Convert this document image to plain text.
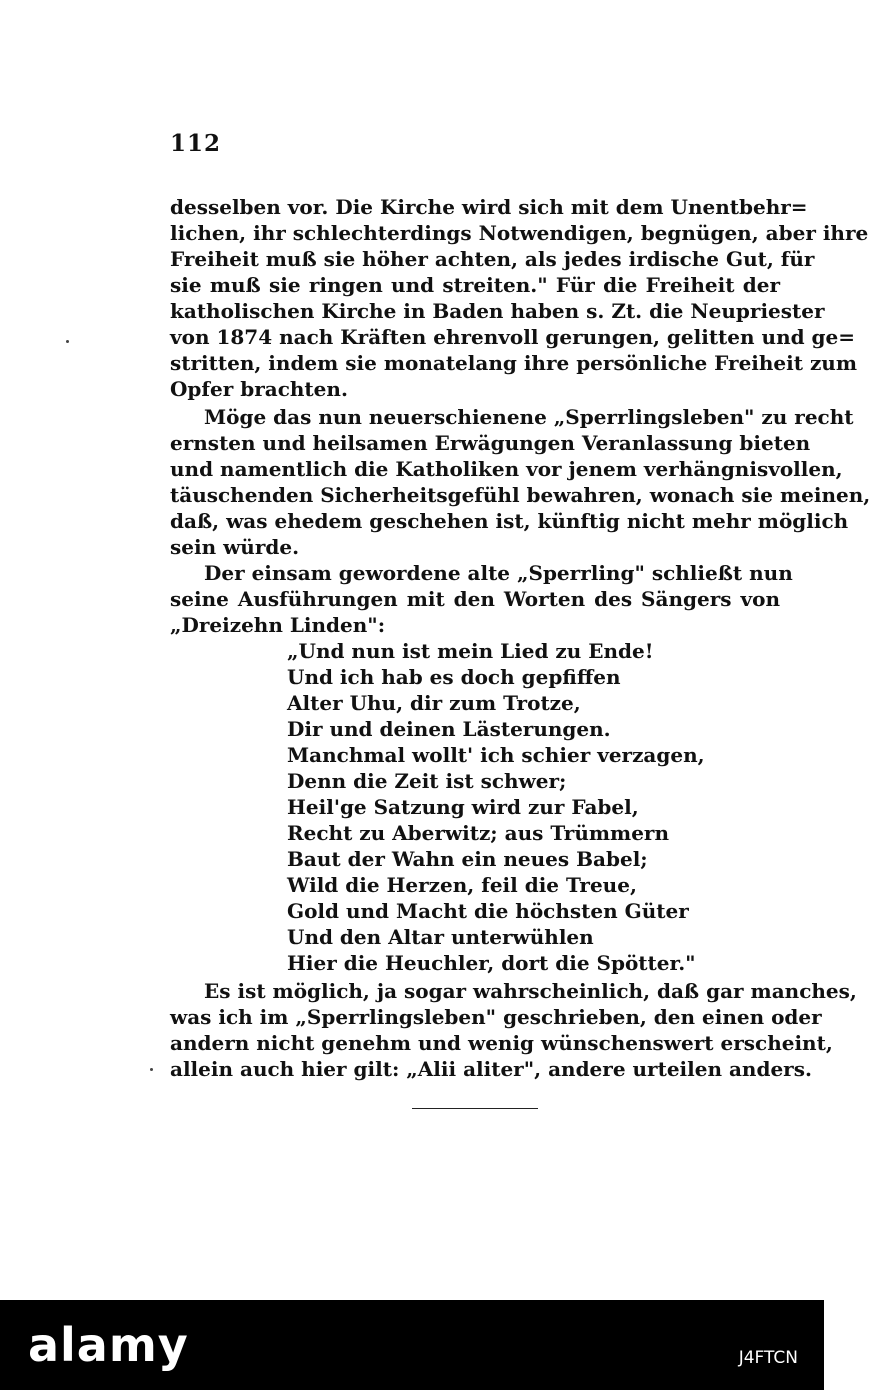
112
desselben vor. Die Kirche wird sich mit dem Unentbehr=
lichen, ihr schlechterdings Notwendigen, begnügen, aber ihre
Freiheit muß sie höher achten, als jedes irdische Gut, für
sie muß sie ringen und streiten." Für die Freiheit der
katholischen Kirche in Baden haben s. Zt. die Neupriester
von 1874 nach Kräften ehrenvoll gerungen, gelitten und ge=
stritten, indem sie monatelang ihre persönliche Freiheit zum
Opfer brachten.
Möge das nun neuerschienene „Sperrlingsleben" zu recht
ernsten und heilsamen Erwägungen Veranlassung bieten
und namentlich die Katholiken vor jenem verhängnisvollen,
täuschenden Sicherheitsgefühl bewahren, wonach sie meinen,
daß, was ehedem geschehen ist, künftig nicht mehr möglich
sein würde.
Der einsam gewordene alte „Sperrling" schließt nun
seine Ausführungen mit den Worten des Sängers von
„Dreizehn Linden":
„Und nun ist mein Lied zu Ende!
Und ich hab es doch gepfiffen
Alter Uhu, dir zum Trotze,
Dir und deinen Lästerungen.
Manchmal wollt' ich schier verzagen,
Denn die Zeit ist schwer;
Heil'ge Satzung wird zur Fabel,
Recht zu Aberwitz; aus Trümmern
Baut der Wahn ein neues Babel;
Wild die Herzen, feil die Treue,
Gold und Macht die höchsten Güter
Und den Altar unterwühlen
Hier die Heuchler, dort die Spötter."
Es ist möglich, ja sogar wahrscheinlich, daß gar manches,
was ich im „Sperrlingsleben" geschrieben, den einen oder
andern nicht genehm und wenig wünschenswert erscheint,
allein auch hier gilt: „Alii aliter", andere urteilen anders.
alamy	J4FTCN
